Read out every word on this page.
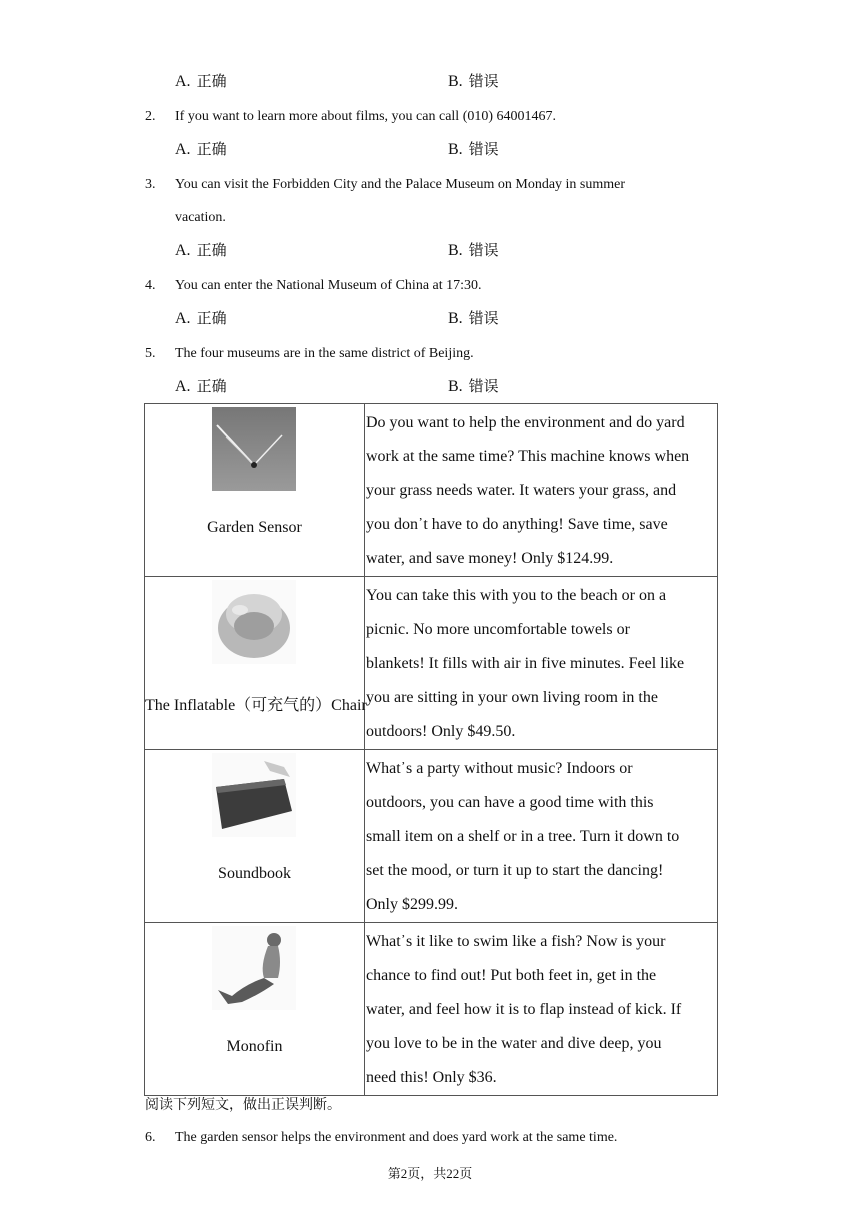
A. 正确	B. 错误
2. If you want to learn more about films, you can call (010) 64001467.
A. 正确	B. 错误
3. You can visit the Forbidden City and the Palace Museum on Monday in summer
vacation.
A. 正确	B. 错误
4. You can enter the National Museum of China at 17:30.
A. 正确	B. 错误
5. The four museums are in the same district of Beijing.
A. 正确	B. 错误
Garden Sensor	Do you want to help the environment and do yard
work at the same time? This machine knows when
your grass needs water. It waters your grass, and
you don᾿t have to do anything! Save time, save
water, and save money! Only $124.99.

The Inflatable（可充气的）Chair	You can take this with you to the beach or on a
picnic. No more uncomfortable towels or
blankets! It fills with air in five minutes. Feel like
you are sitting in your own living room in the
outdoors! Only $49.50.

Soundbook	What᾿s a party without music? Indoors or
outdoors, you can have a good time with this
small item on a shelf or in a tree. Turn it down to
set the mood, or turn it up to start the dancing!
Only $299.99.

Monofin	What᾿s it like to swim like a fish? Now is your
chance to find out! Put both feet in, get in the
water, and feel how it is to flap instead of kick. If
you love to be in the water and dive deep, you
need this! Only $36.
阅读下列短文，做出正误判断。
6. The garden sensor helps the environment and does yard work at the same time.
第2页，共22页
